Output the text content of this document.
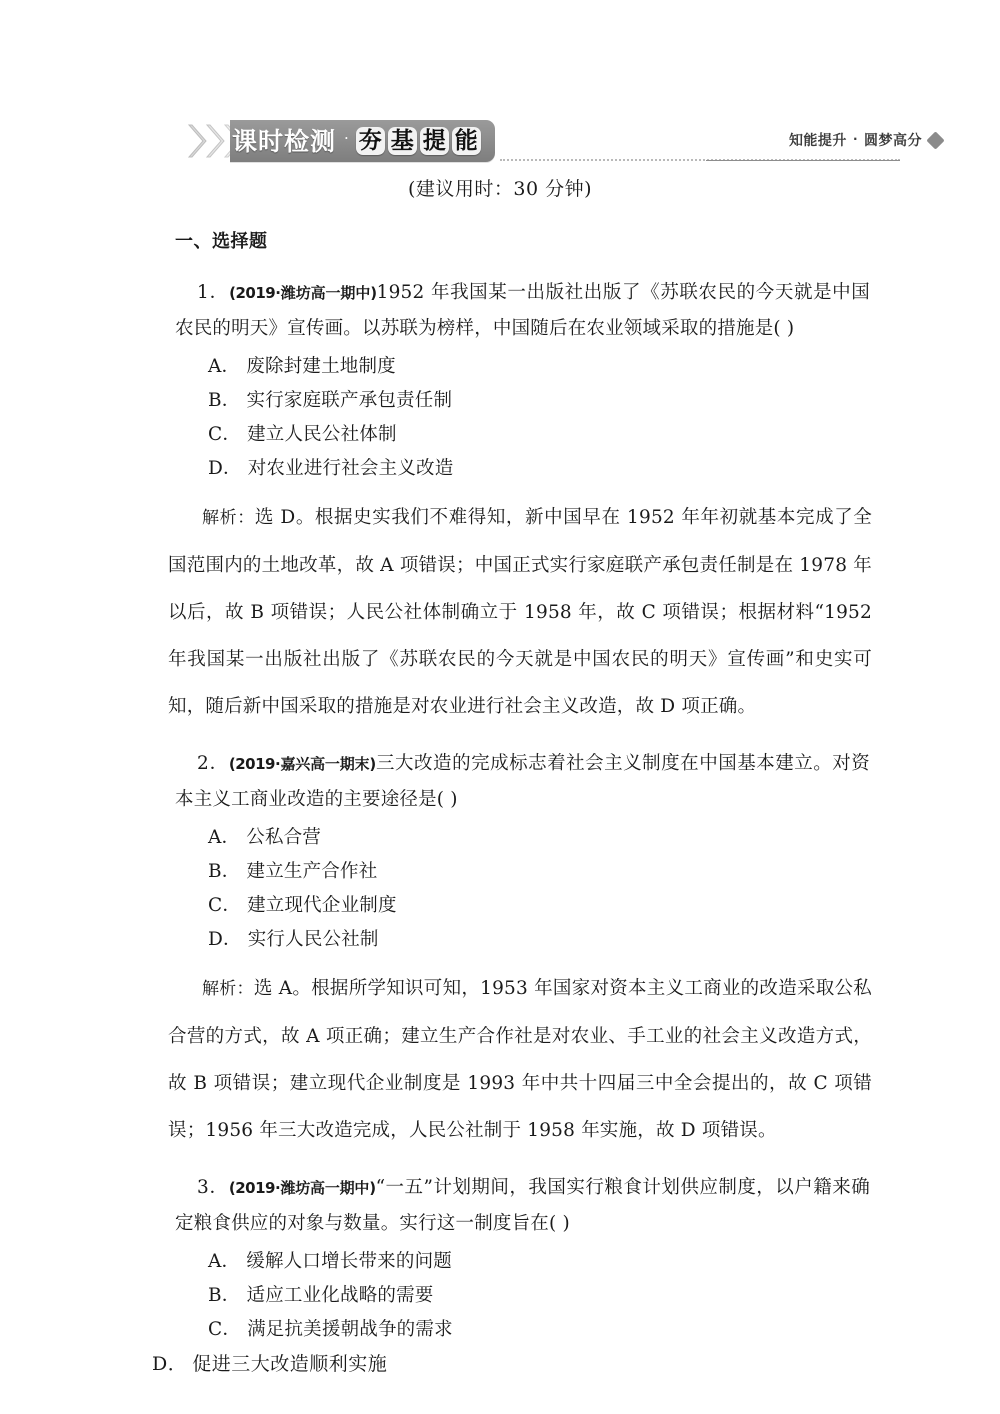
课时检测 · 夯 基 提 能	知能提升 · 圆梦高分

(建议用时：30 分钟)

一、选择题

1．(2019·潍坊高一期中)1952 年我国某一出版社出版了《苏联农民的今天就是中国农民的明天》宣传画。以苏联为榜样，中国随后在农业领域采取的措施是( )

A． 废除封建土地制度

B． 实行家庭联产承包责任制

C． 建立人民公社体制

D． 对农业进行社会主义改造

解析：选 D。根据史实我们不难得知，新中国早在 1952 年年初就基本完成了全国范围内的土地改革，故 A 项错误；中国正式实行家庭联产承包责任制是在 1978 年以后，故 B 项错误；人民公社体制确立于 1958 年，故 C 项错误；根据材料“1952 年我国某一出版社出版了《苏联农民的今天就是中国农民的明天》宣传画”和史实可知，随后新中国采取的措施是对农业进行社会主义改造，故 D 项正确。

2．(2019·嘉兴高一期末)三大改造的完成标志着社会主义制度在中国基本建立。对资本主义工商业改造的主要途径是( )

A． 公私合营

B． 建立生产合作社

C． 建立现代企业制度

D． 实行人民公社制

解析：选 A。根据所学知识可知，1953 年国家对资本主义工商业的改造采取公私合营的方式，故 A 项正确；建立生产合作社是对农业、手工业的社会主义改造方式，故 B 项错误；建立现代企业制度是 1993 年中共十四届三中全会提出的，故 C 项错误；1956 年三大改造完成，人民公社制于 1958 年实施，故 D 项错误。

3．(2019·潍坊高一期中)“一五”计划期间，我国实行粮食计划供应制度，以户籍来确定粮食供应的对象与数量。实行这一制度旨在( )

A． 缓解人口增长带来的问题

B． 适应工业化战略的需要

C． 满足抗美援朝战争的需求

D． 促进三大改造顺利实施
